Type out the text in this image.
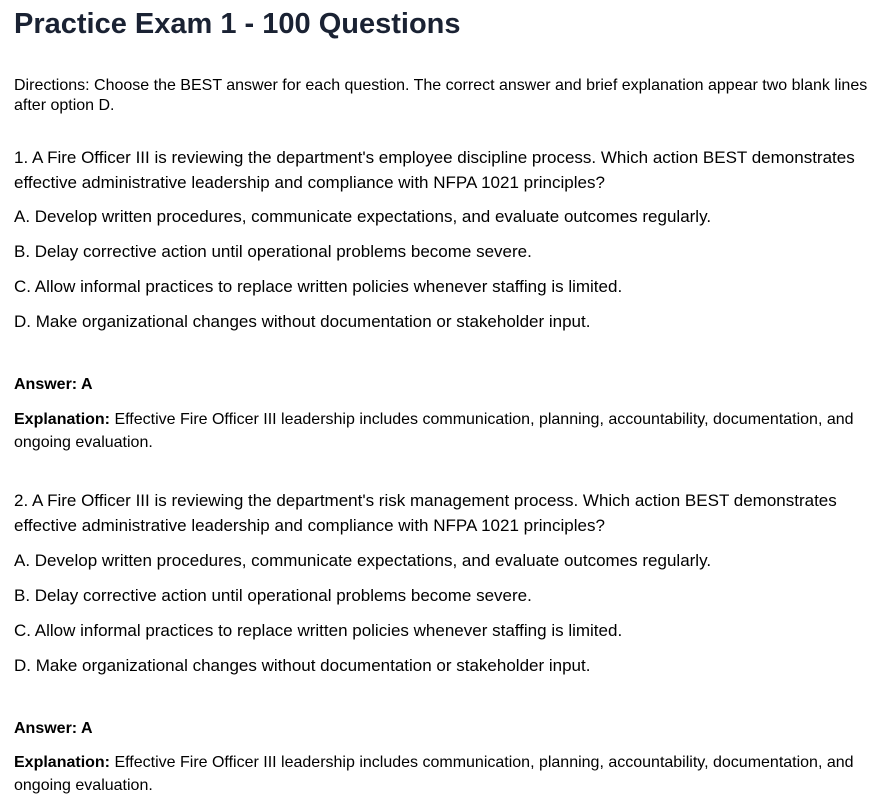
Practice Exam 1 - 100 Questions

Directions: Choose the BEST answer for each question. The correct answer and brief explanation appear two blank lines after option D.

1. A Fire Officer III is reviewing the department's employee discipline process. Which action BEST demonstrates effective administrative leadership and compliance with NFPA 1021 principles?

A. Develop written procedures, communicate expectations, and evaluate outcomes regularly.

B. Delay corrective action until operational problems become severe.

C. Allow informal practices to replace written policies whenever staffing is limited.

D. Make organizational changes without documentation or stakeholder input.

Answer: A

Explanation: Effective Fire Officer III leadership includes communication, planning, accountability, documentation, and ongoing evaluation.

2. A Fire Officer III is reviewing the department's risk management process. Which action BEST demonstrates effective administrative leadership and compliance with NFPA 1021 principles?

A. Develop written procedures, communicate expectations, and evaluate outcomes regularly.

B. Delay corrective action until operational problems become severe.

C. Allow informal practices to replace written policies whenever staffing is limited.

D. Make organizational changes without documentation or stakeholder input.

Answer: A

Explanation: Effective Fire Officer III leadership includes communication, planning, accountability, documentation, and ongoing evaluation.
